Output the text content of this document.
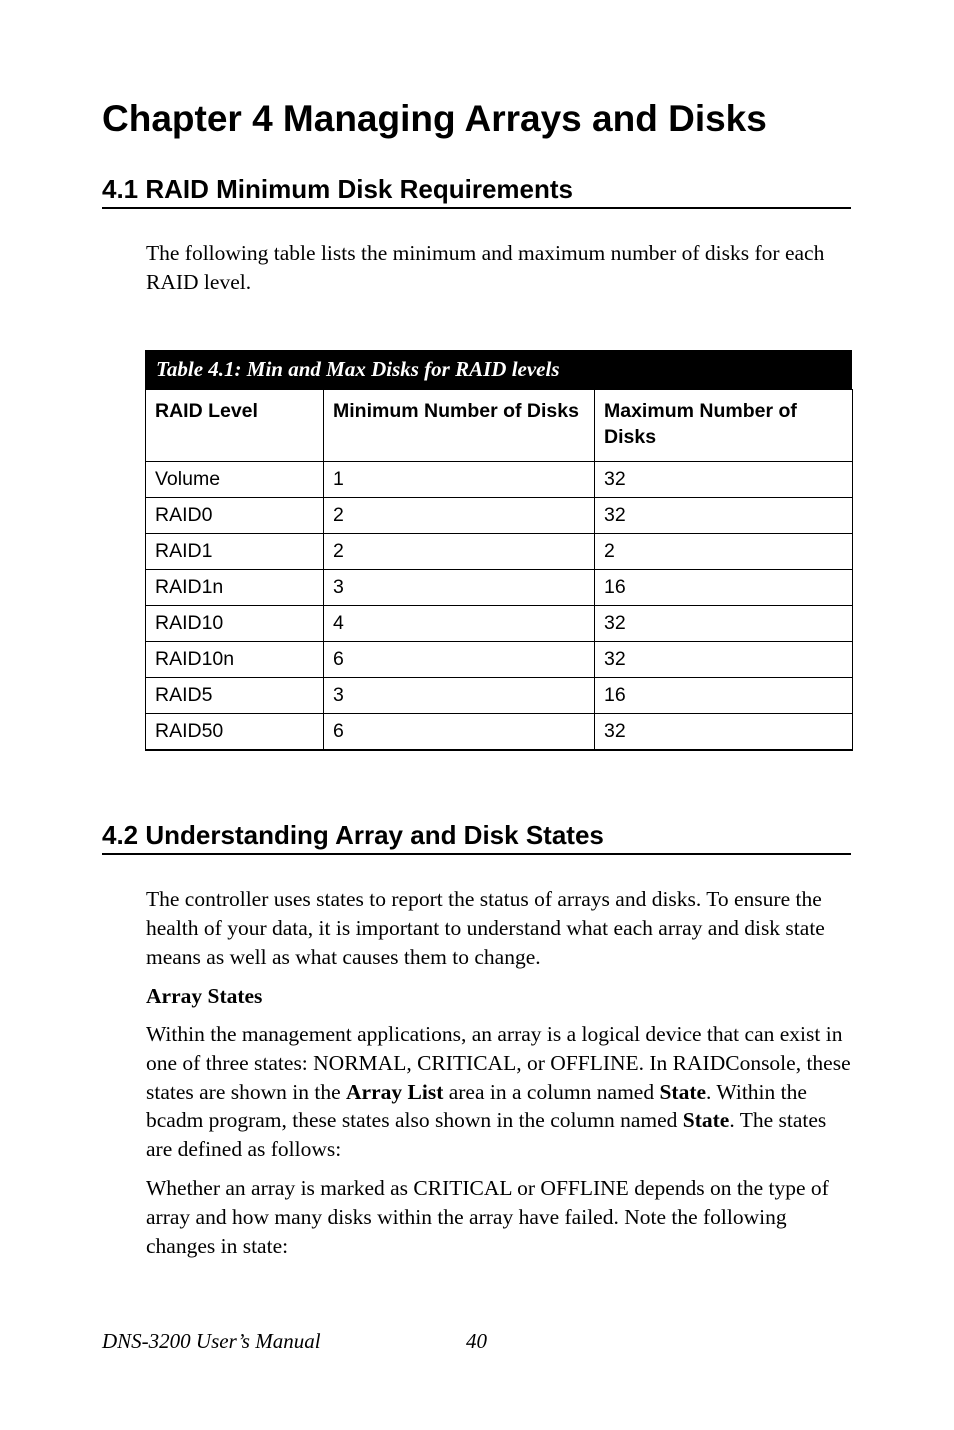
Chapter 4 Managing Arrays and Disks
4.1 RAID Minimum Disk Requirements

The following table lists the minimum and maximum number of disks for each RAID level.

Table 4.1: Min and Max Disks for RAID levels
RAID Level	Minimum Number of Disks	Maximum Number of Disks
Volume	1	32
RAID0	2	32
RAID1	2	2
RAID1n	3	16
RAID10	4	32
RAID10n	6	32
RAID5	3	16
RAID50	6	32
4.2 Understanding Array and Disk States

The controller uses states to report the status of arrays and disks. To ensure the health of your data, it is important to understand what each array and disk state means as well as what causes them to change.

Array States

Within the management applications, an array is a logical device that can exist in one of three states: NORMAL, CRITICAL, or OFFLINE. In RAIDConsole, these states are shown in the Array List area in a column named State. Within the bcadm program, these states also shown in the column named State. The states are defined as follows:

Whether an array is marked as CRITICAL or OFFLINE depends on the type of array and how many disks within the array have failed. Note the following changes in state:

DNS-3200 User’s Manual	40
